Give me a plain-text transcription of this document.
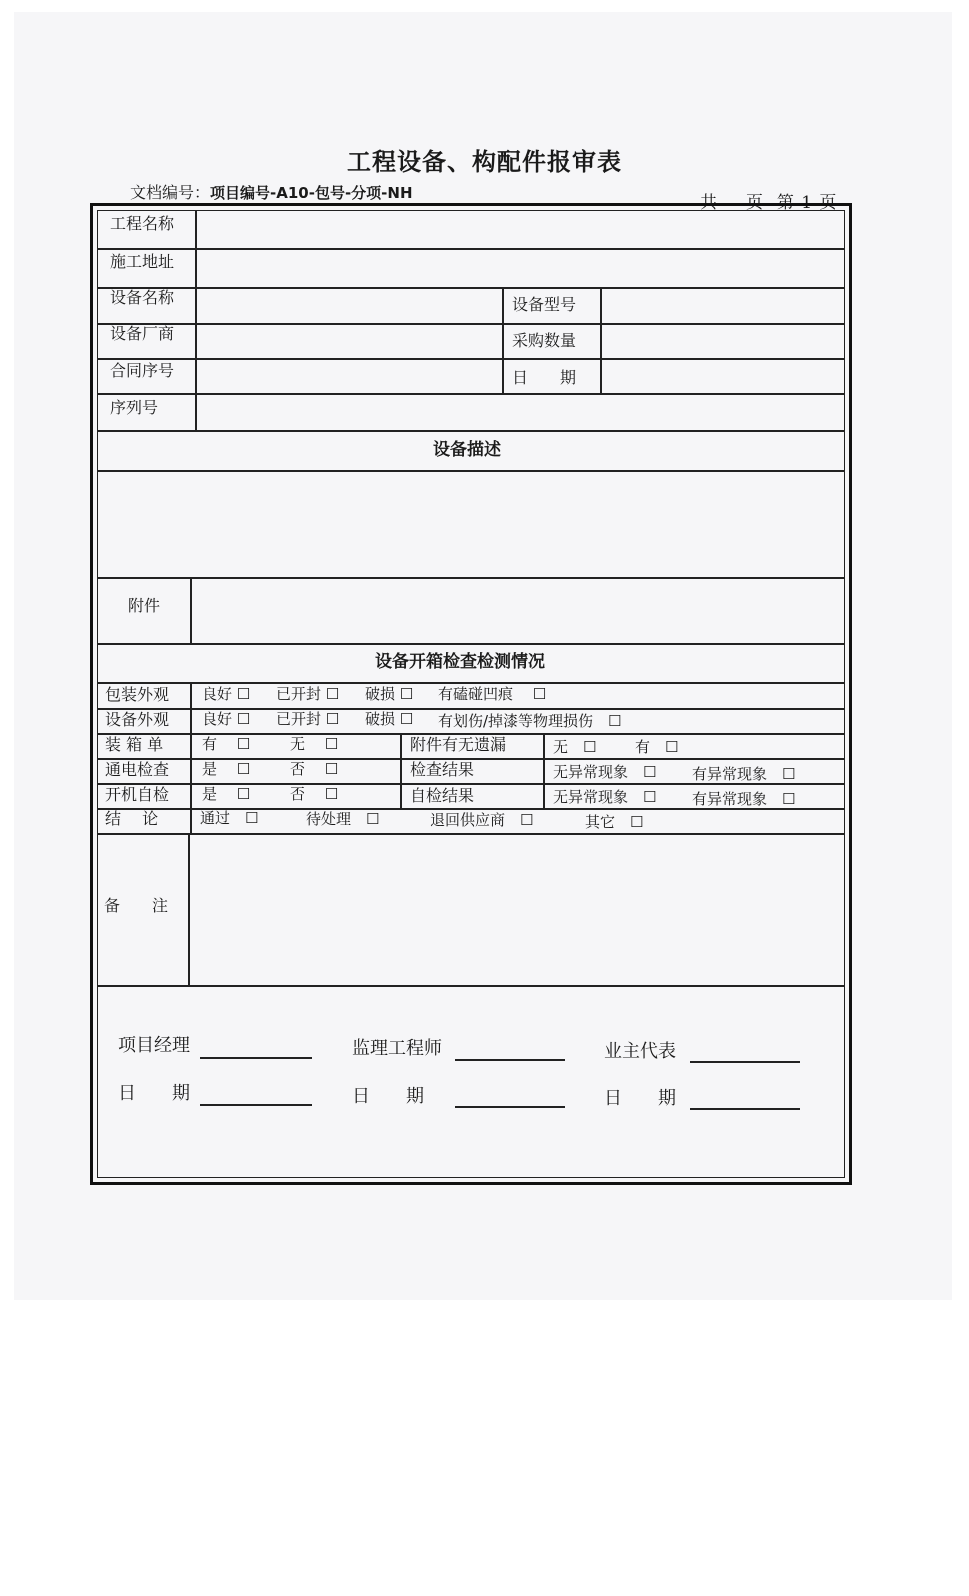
工程设备、构配件报审表
文档编号：项目编号-A10-包号-分项-NH	共 页 第 1 页
工程名称
施工地址
设备名称	设备型号
设备厂商	采购数量
合同序号	日　　期
序列号
设备描述
附件
设备开箱检查检测情况
包装外观 良好 ☐ 已开封 ☐ 破损 ☐ 有磕碰凹痕　 ☐
设备外观 良好 ☐ 已开封 ☐ 破损 ☐ 有划伤/掉漆等物理损伤　☐
装 箱 单	有　 ☐	无　 ☐	附件有无遗漏	无　☐	有　☐
通电检查 是　 ☐	否　 ☐	检查结果	无异常现象　☐ 有异常现象　☐
开机自检 是　 ☐	否　 ☐	自检结果	无异常现象　☐ 有异常现象　☐
结　 论	通过　☐	待处理　☐	退回供应商　☐	其它　☐
备　　注
项目经理	监理工程师	业主代表
日　　期	日　　期	日　　期
